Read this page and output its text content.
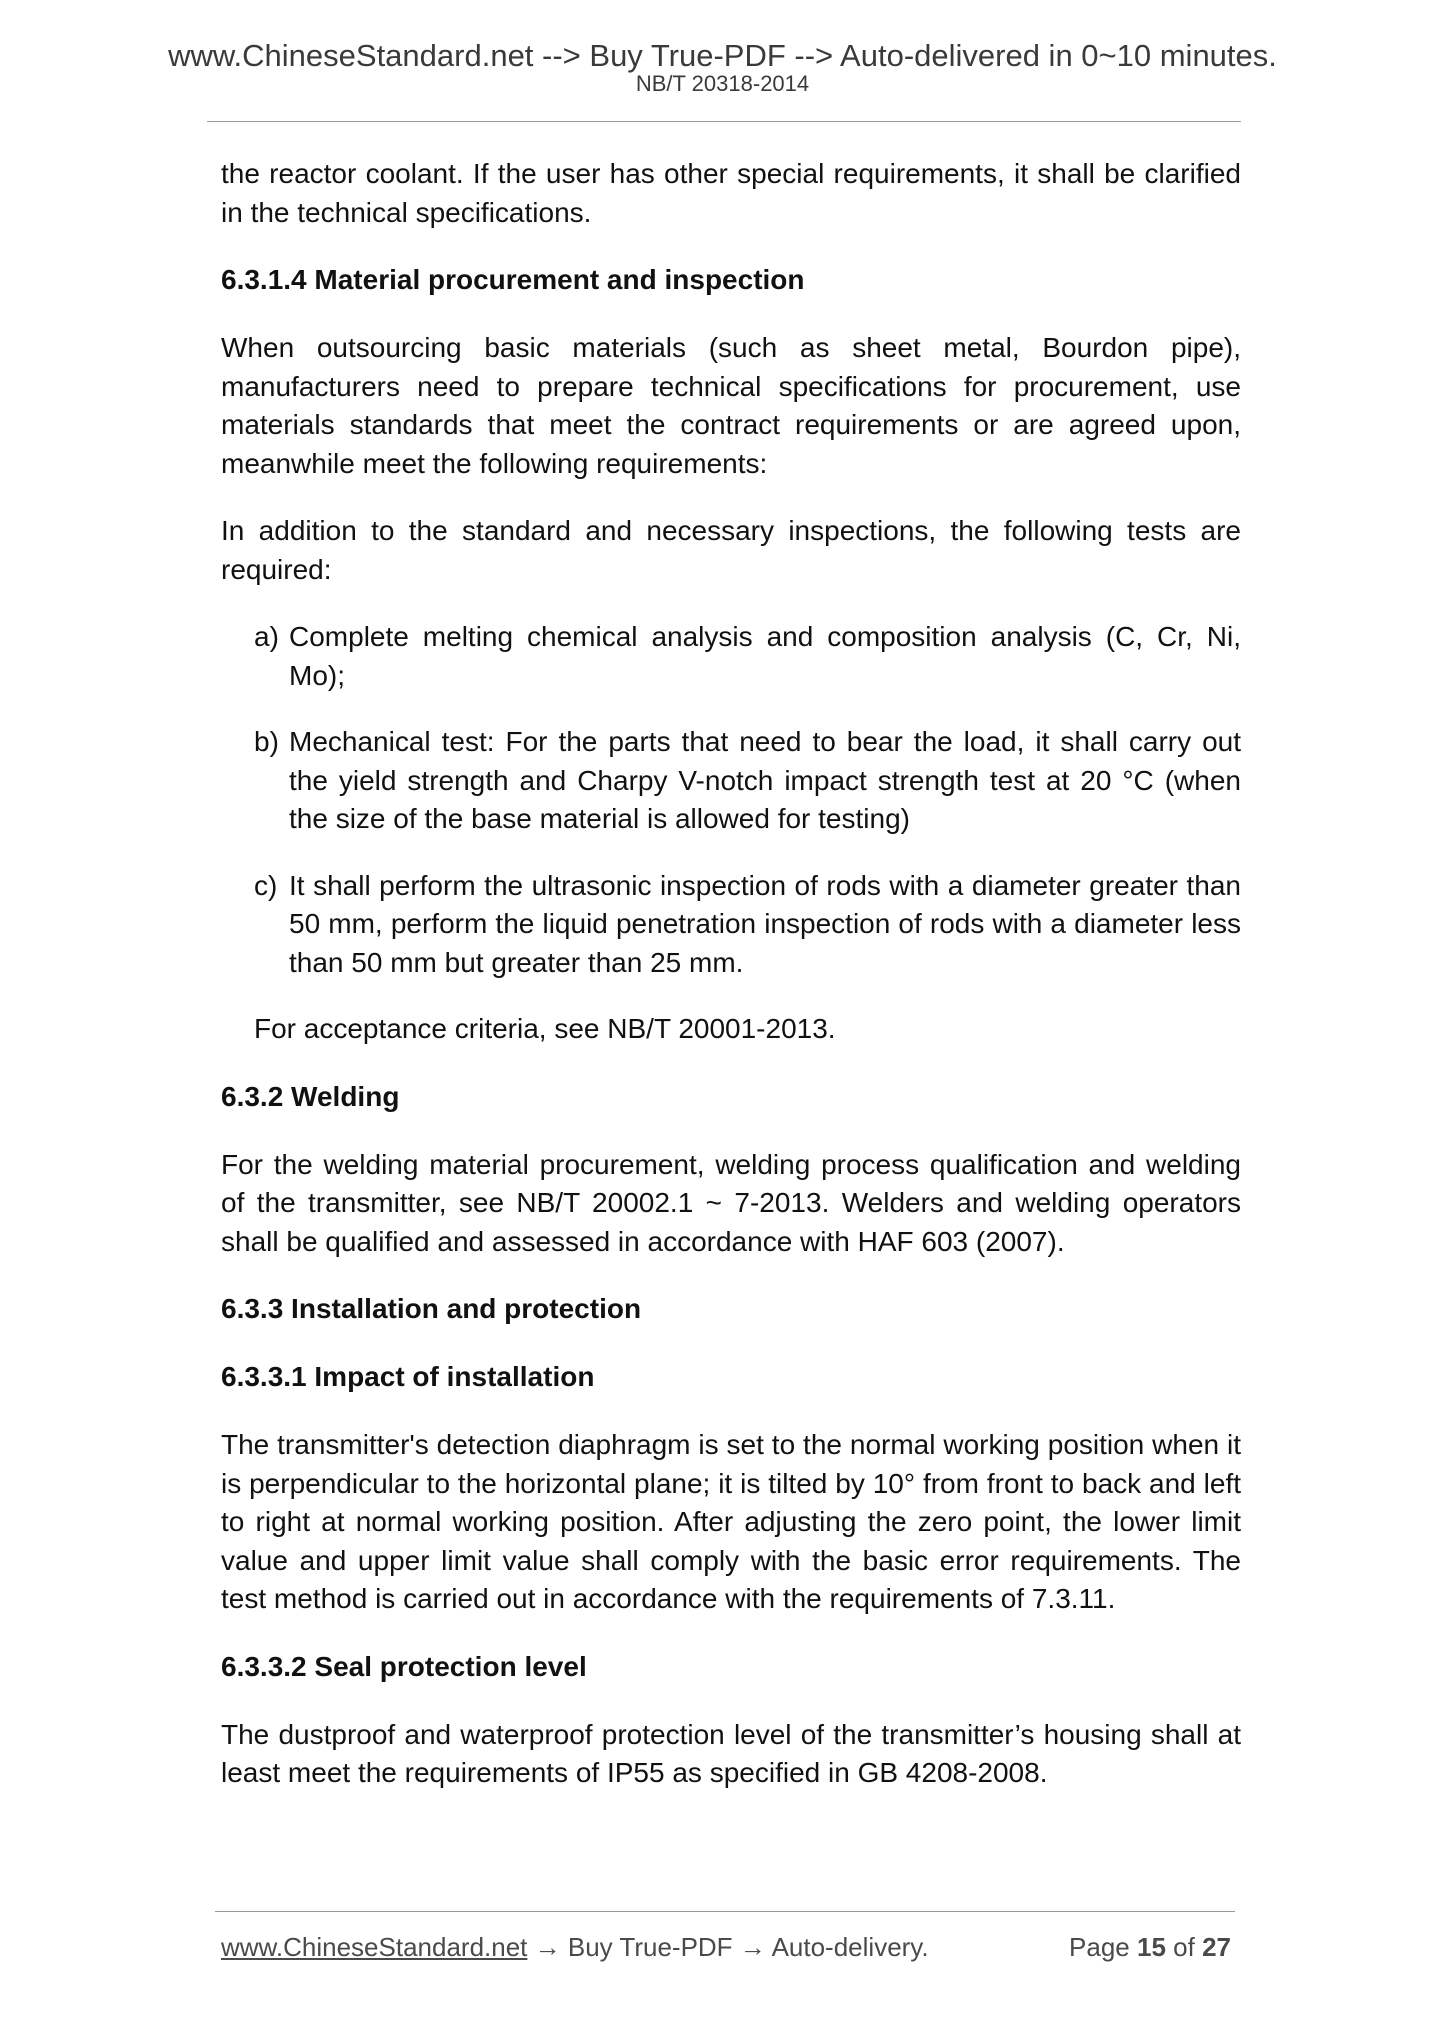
www.ChineseStandard.net --> Buy True-PDF --> Auto-delivered in 0~10 minutes.
NB/T 20318-2014

the reactor coolant. If the user has other special requirements, it shall be clarified in the technical specifications.

6.3.1.4 Material procurement and inspection

When outsourcing basic materials (such as sheet metal, Bourdon pipe), manufacturers need to prepare technical specifications for procurement, use materials standards that meet the contract requirements or are agreed upon, meanwhile meet the following requirements:

In addition to the standard and necessary inspections, the following tests are required:

a) Complete melting chemical analysis and composition analysis (C, Cr, Ni, Mo);
b) Mechanical test: For the parts that need to bear the load, it shall carry out the yield strength and Charpy V-notch impact strength test at 20 °C (when the size of the base material is allowed for testing)
c) It shall perform the ultrasonic inspection of rods with a diameter greater than 50 mm, perform the liquid penetration inspection of rods with a diameter less than 50 mm but greater than 25 mm.

For acceptance criteria, see NB/T 20001-2013.

6.3.2 Welding

For the welding material procurement, welding process qualification and welding of the transmitter, see NB/T 20002.1 ~ 7-2013. Welders and welding operators shall be qualified and assessed in accordance with HAF 603 (2007).

6.3.3 Installation and protection
6.3.3.1 Impact of installation

The transmitter's detection diaphragm is set to the normal working position when it is perpendicular to the horizontal plane; it is tilted by 10° from front to back and left to right at normal working position. After adjusting the zero point, the lower limit value and upper limit value shall comply with the basic error requirements. The test method is carried out in accordance with the requirements of 7.3.11.

6.3.3.2 Seal protection level

The dustproof and waterproof protection level of the transmitter’s housing shall at least meet the requirements of IP55 as specified in GB 4208-2008.

www.ChineseStandard.net → Buy True-PDF → Auto-delivery.	Page 15 of 27
